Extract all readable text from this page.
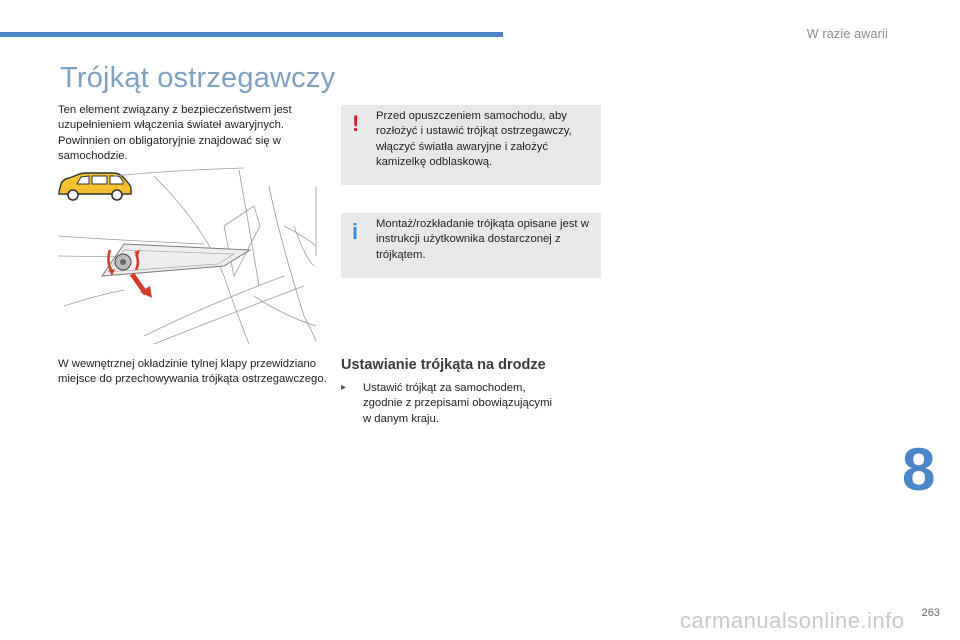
W razie awarii
Trójkąt ostrzegawczy

Ten element związany z bezpieczeństwem jest uzupełnieniem włączenia świateł awaryjnych. Powinnien on obligatoryjnie znajdować się w samochodzie.

W wewnętrznej okładzinie tylnej klapy przewidziano miejsce do przechowywania trójkąta ostrzegawczego.

! Przed opuszczeniem samochodu, aby rozłożyć i ustawić trójkąt ostrzegawczy, włączyć światła awaryjne i założyć kamizelkę odblaskową.
i Montaż/rozkładanie trójkąta opisane jest w instrukcji użytkownika dostarczonej z trójkątem.
Ustawianie trójkąta na drodze
▸ Ustawić trójkąt za samochodem, zgodnie z przepisami obowiązującymi w danym kraju.
8
carmanualsonline.info 263
